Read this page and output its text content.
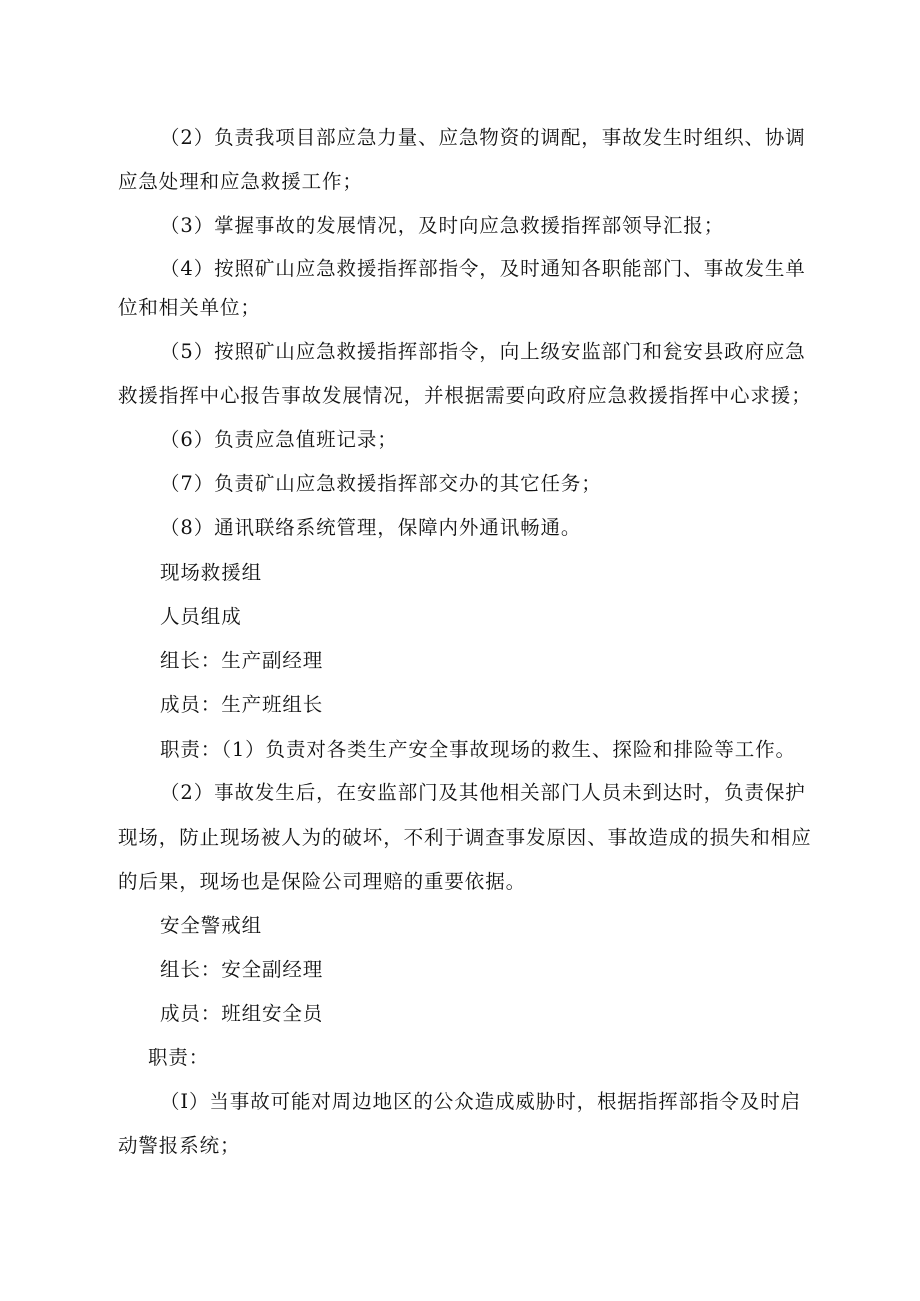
（2）负责我项目部应急力量、应急物资的调配，事故发生时组织、协调
应急处理和应急救援工作；
（3）掌握事故的发展情况，及时向应急救援指挥部领导汇报；
（4）按照矿山应急救援指挥部指令，及时通知各职能部门、事故发生单
位和相关单位；
（5）按照矿山应急救援指挥部指令，向上级安监部门和瓮安县政府应急
救援指挥中心报告事故发展情况，并根据需要向政府应急救援指挥中心求援；
（6）负责应急值班记录；
（7）负责矿山应急救援指挥部交办的其它任务；
（8）通讯联络系统管理，保障内外通讯畅通。
现场救援组
人员组成
组长：生产副经理
成员：生产班组长
职责：（1）负责对各类生产安全事故现场的救生、探险和排险等工作。
（2）事故发生后，在安监部门及其他相关部门人员未到达时，负责保护
现场，防止现场被人为的破坏，不利于调查事发原因、事故造成的损失和相应
的后果，现场也是保险公司理赔的重要依据。
安全警戒组
组长：安全副经理
成员：班组安全员
职责：
（I）当事故可能对周边地区的公众造成威胁时，根据指挥部指令及时启
动警报系统；
